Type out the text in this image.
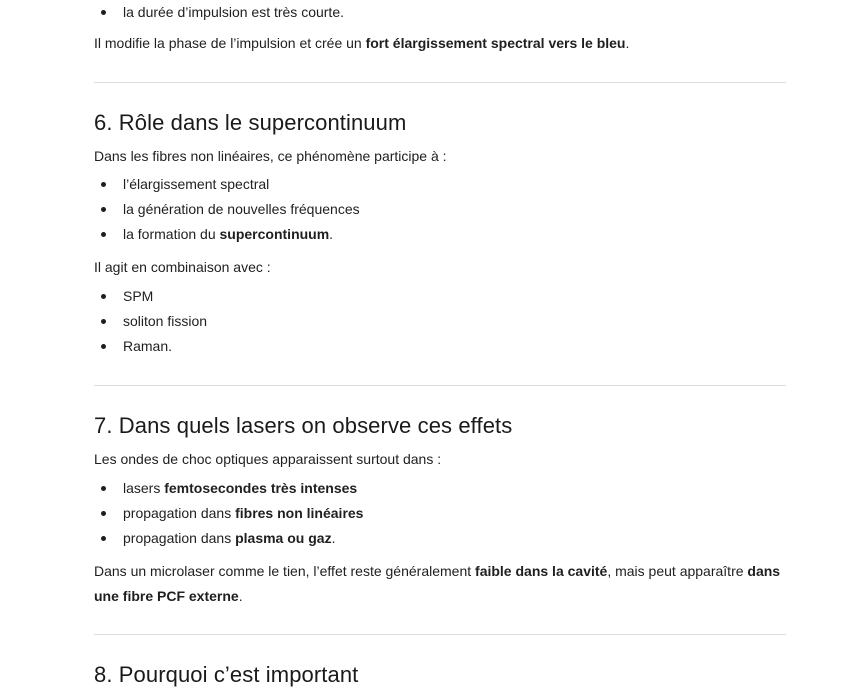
la durée d’impulsion est très courte.

Il modifie la phase de l’impulsion et crée un fort élargissement spectral vers le bleu.

6. Rôle dans le supercontinuum

Dans les fibres non linéaires, ce phénomène participe à :

l’élargissement spectral
la génération de nouvelles fréquences
la formation du supercontinuum.

Il agit en combinaison avec :

SPM
soliton fission
Raman.
7. Dans quels lasers on observe ces effets

Les ondes de choc optiques apparaissent surtout dans :

lasers femtosecondes très intenses
propagation dans fibres non linéaires
propagation dans plasma ou gaz.

Dans un microlaser comme le tien, l’effet reste généralement faible dans la cavité, mais peut apparaître dans une fibre PCF externe.

8. Pourquoi c’est important
